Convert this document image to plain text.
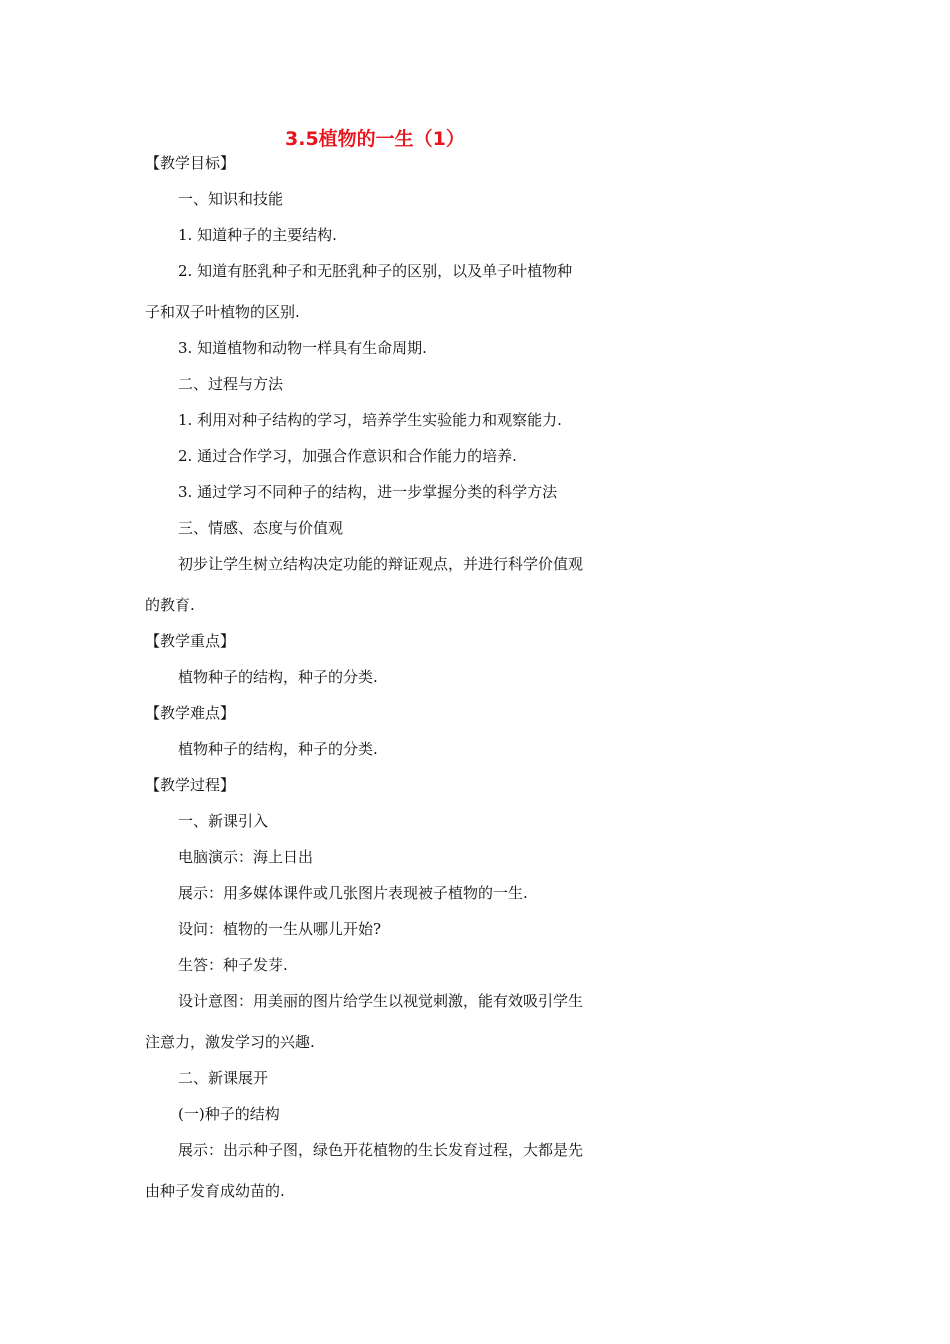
3.5植物的一生（1）
【教学目标】
一、知识和技能
1. 知道种子的主要结构.
2. 知道有胚乳种子和无胚乳种子的区别，以及单子叶植物种
子和双子叶植物的区别.
3. 知道植物和动物一样具有生命周期.
二、过程与方法
1. 利用对种子结构的学习，培养学生实验能力和观察能力.
2. 通过合作学习，加强合作意识和合作能力的培养.
3. 通过学习不同种子的结构，进一步掌握分类的科学方法
三、情感、态度与价值观
初步让学生树立结构决定功能的辩证观点，并进行科学价值观
的教育.
【教学重点】
植物种子的结构，种子的分类.
【教学难点】
植物种子的结构，种子的分类.
【教学过程】
一、新课引入
电脑演示：海上日出
展示：用多媒体课件或几张图片表现被子植物的一生.
设问：植物的一生从哪儿开始?
生答：种子发芽.
设计意图：用美丽的图片给学生以视觉刺激，能有效吸引学生
注意力，激发学习的兴趣.
二、新课展开
(一)种子的结构
展示：出示种子图，绿色开花植物的生长发育过程，大都是先
由种子发育成幼苗的.
